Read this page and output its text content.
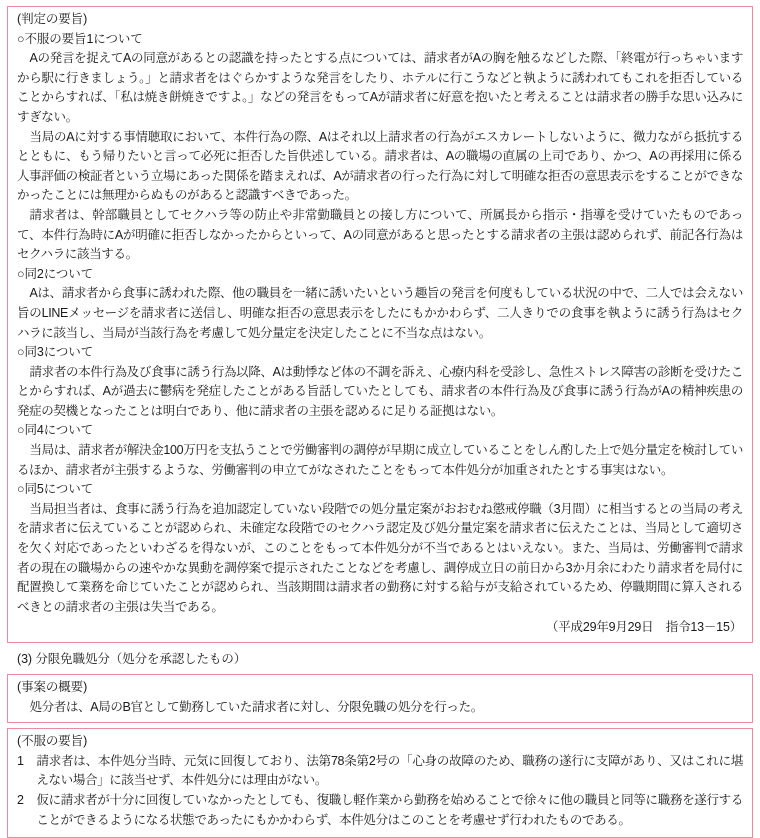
(判定の要旨)

○不服の要旨1について

Aの発言を捉えてAの同意があるとの認識を持ったとする点については、請求者がAの胸を触るなどした際、「終電が行っちゃいますから駅に行きましょう。」と請求者をはぐらかすような発言をしたり、ホテルに行こうなどと執ように誘われてもこれを拒否していることからすれば、「私は焼き餅焼きですよ。」などの発言をもってAが請求者に好意を抱いたと考えることは請求者の勝手な思い込みにすぎない。

当局のAに対する事情聴取において、本件行為の際、Aはそれ以上請求者の行為がエスカレートしないように、微力ながら抵抗するとともに、もう帰りたいと言って必死に拒否した旨供述している。請求者は、Aの職場の直属の上司であり、かつ、Aの再採用に係る人事評価の検証者という立場にあった関係を踏まえれば、Aが請求者の行った行為に対して明確な拒否の意思表示をすることができなかったことには無理からぬものがあると認識すべきであった。

請求者は、幹部職員としてセクハラ等の防止や非常勤職員との接し方について、所属長から指示・指導を受けていたものであって、本件行為時にAが明確に拒否しなかったからといって、Aの同意があると思ったとする請求者の主張は認められず、前記各行為はセクハラに該当する。

○同2について

Aは、請求者から食事に誘われた際、他の職員を一緒に誘いたいという趣旨の発言を何度もしている状況の中で、二人では会えない旨のLINEメッセージを請求者に送信し、明確な拒否の意思表示をしたにもかかわらず、二人きりでの食事を執ように誘う行為はセクハラに該当し、当局が当該行為を考慮して処分量定を決定したことに不当な点はない。

○同3について

請求者の本件行為及び食事に誘う行為以降、Aは動悸など体の不調を訴え、心療内科を受診し、急性ストレス障害の診断を受けたことからすれば、Aが過去に鬱病を発症したことがある旨話していたとしても、請求者の本件行為及び食事に誘う行為がAの精神疾患の発症の契機となったことは明白であり、他に請求者の主張を認めるに足りる証拠はない。

○同4について

当局は、請求者が解決金100万円を支払うことで労働審判の調停が早期に成立していることをしん酌した上で処分量定を検討しているほか、請求者が主張するような、労働審判の申立てがなされたことをもって本件処分が加重されたとする事実はない。

○同5について

当局担当者は、食事に誘う行為を追加認定していない段階での処分量定案がおおむね懲戒停職（3月間）に相当するとの当局の考えを請求者に伝えていることが認められ、未確定な段階でのセクハラ認定及び処分量定案を請求者に伝えたことは、当局として適切さを欠く対応であったといわざるを得ないが、このことをもって本件処分が不当であるとはいえない。また、当局は、労働審判で請求者の現在の職場からの速やかな異動を調停案で提示されたことなどを考慮し、調停成立日の前日から3か月余にわたり請求者を局付に配置換して業務を命じていたことが認められ、当該期間は請求者の勤務に対する給与が支給されているため、停職期間に算入されるべきとの請求者の主張は失当である。

（平成29年9月29日　指令13－15）

(3) 分限免職処分（処分を承認したもの）

(事案の概要)

処分者は、A局のB官として勤務していた請求者に対し、分限免職の処分を行った。

(不服の要旨)

1 請求者は、本件処分当時、元気に回復しており、法第78条第2号の「心身の故障のため、職務の遂行に支障があり、又はこれに堪えない場合」に該当せず、本件処分には理由がない。
2 仮に請求者が十分に回復していなかったとしても、復職し軽作業から勤務を始めることで徐々に他の職員と同等に職務を遂行することができるようになる状態であったにもかかわらず、本件処分はこのことを考慮せず行われたものである。
